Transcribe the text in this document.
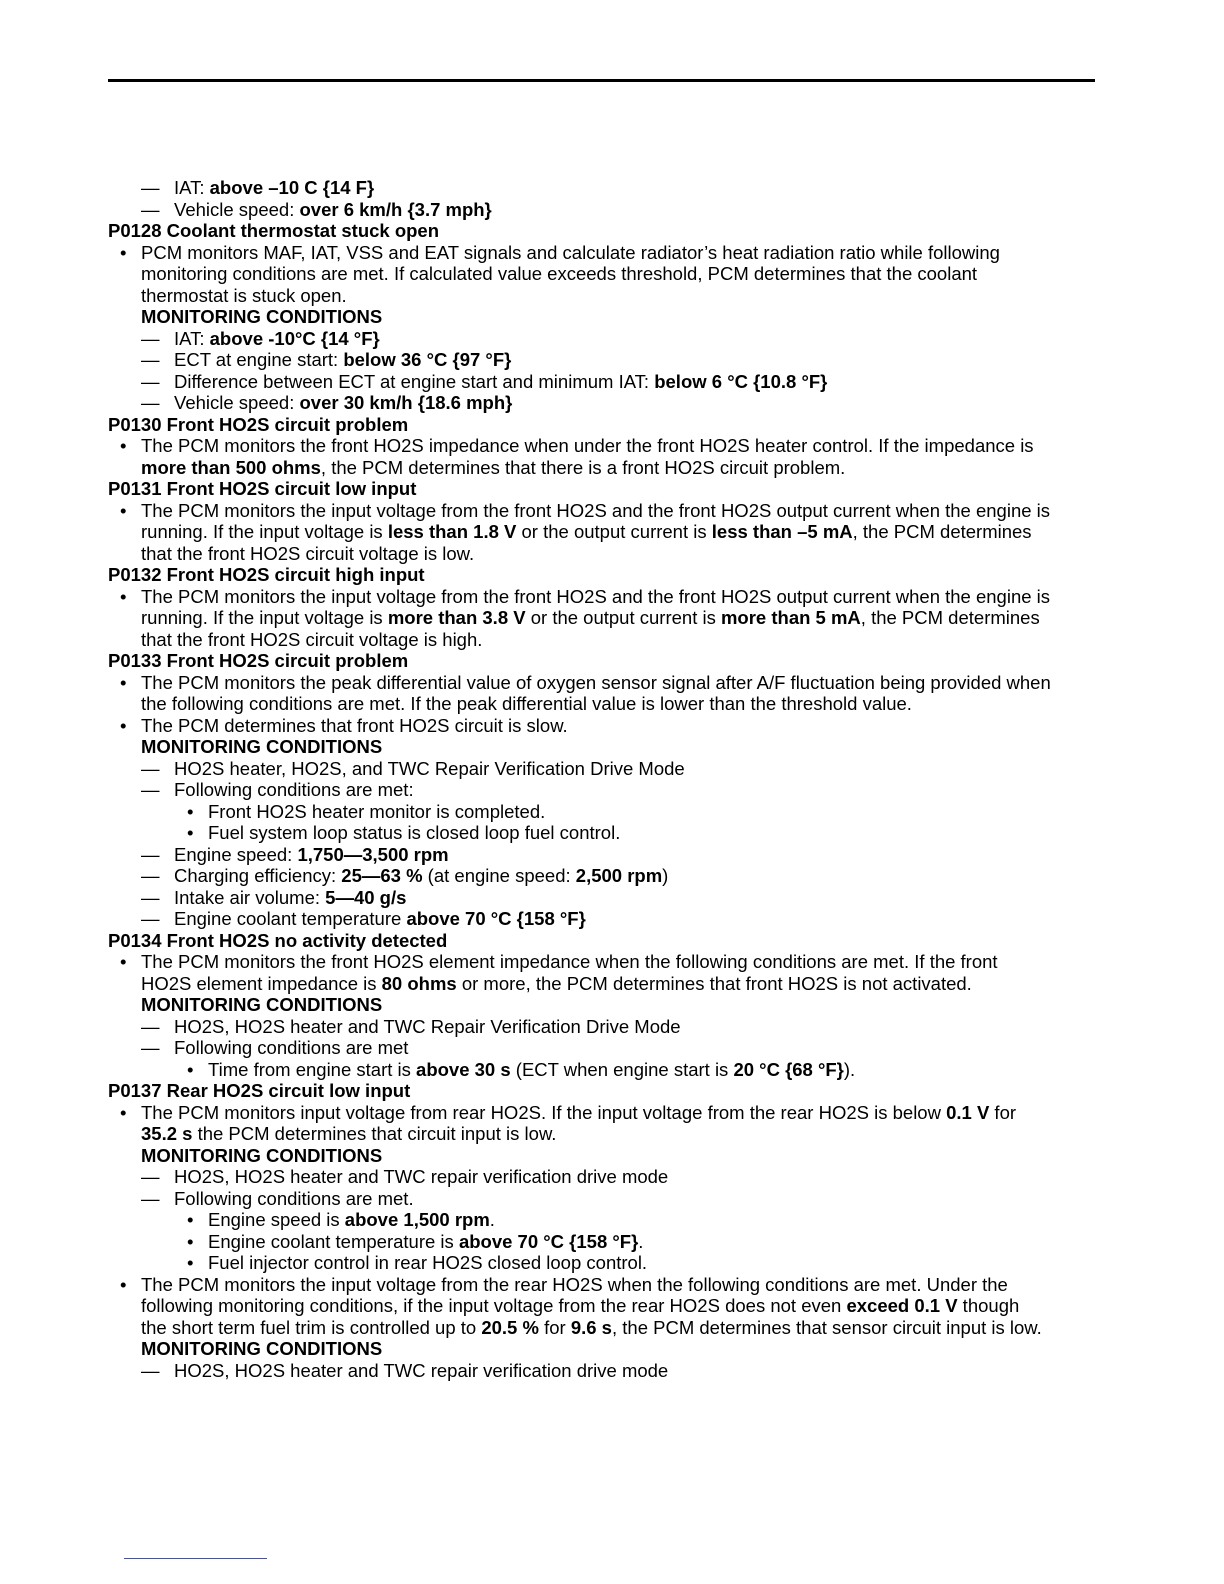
— IAT: above –10 C {14 F}
— Vehicle speed: over 6 km/h {3.7 mph}
P0128 Coolant thermostat stuck open
• PCM monitors MAF, IAT, VSS and EAT signals and calculate radiator’s heat radiation ratio while following
monitoring conditions are met. If calculated value exceeds threshold, PCM determines that the coolant
thermostat is stuck open.
MONITORING CONDITIONS
— IAT: above -10°C {14 °F}
— ECT at engine start: below 36 °C {97 °F}
— Difference between ECT at engine start and minimum IAT: below 6 °C {10.8 °F}
— Vehicle speed: over 30 km/h {18.6 mph}
P0130 Front HO2S circuit problem
• The PCM monitors the front HO2S impedance when under the front HO2S heater control. If the impedance is
more than 500 ohms, the PCM determines that there is a front HO2S circuit problem.
P0131 Front HO2S circuit low input
• The PCM monitors the input voltage from the front HO2S and the front HO2S output current when the engine is
running. If the input voltage is less than 1.8 V or the output current is less than –5 mA, the PCM determines
that the front HO2S circuit voltage is low.
P0132 Front HO2S circuit high input
• The PCM monitors the input voltage from the front HO2S and the front HO2S output current when the engine is
running. If the input voltage is more than 3.8 V or the output current is more than 5 mA, the PCM determines
that the front HO2S circuit voltage is high.
P0133 Front HO2S circuit problem
• The PCM monitors the peak differential value of oxygen sensor signal after A/F fluctuation being provided when
the following conditions are met. If the peak differential value is lower than the threshold value.
• The PCM determines that front HO2S circuit is slow.
MONITORING CONDITIONS
— HO2S heater, HO2S, and TWC Repair Verification Drive Mode
— Following conditions are met:
• Front HO2S heater monitor is completed.
• Fuel system loop status is closed loop fuel control.
— Engine speed: 1,750—3,500 rpm
— Charging efficiency: 25—63 % (at engine speed: 2,500 rpm)
— Intake air volume: 5—40 g/s
— Engine coolant temperature above 70 °C {158 °F}
P0134 Front HO2S no activity detected
• The PCM monitors the front HO2S element impedance when the following conditions are met. If the front
HO2S element impedance is 80 ohms or more, the PCM determines that front HO2S is not activated.
MONITORING CONDITIONS
— HO2S, HO2S heater and TWC Repair Verification Drive Mode
— Following conditions are met
• Time from engine start is above 30 s (ECT when engine start is 20 °C {68 °F}).
P0137 Rear HO2S circuit low input
• The PCM monitors input voltage from rear HO2S. If the input voltage from the rear HO2S is below 0.1 V for
35.2 s the PCM determines that circuit input is low.
MONITORING CONDITIONS
— HO2S, HO2S heater and TWC repair verification drive mode
— Following conditions are met.
• Engine speed is above 1,500 rpm.
• Engine coolant temperature is above 70 °C {158 °F}.
• Fuel injector control in rear HO2S closed loop control.
• The PCM monitors the input voltage from the rear HO2S when the following conditions are met. Under the
following monitoring conditions, if the input voltage from the rear HO2S does not even exceed 0.1 V though
the short term fuel trim is controlled up to 20.5 % for 9.6 s, the PCM determines that sensor circuit input is low.
MONITORING CONDITIONS
— HO2S, HO2S heater and TWC repair verification drive mode
